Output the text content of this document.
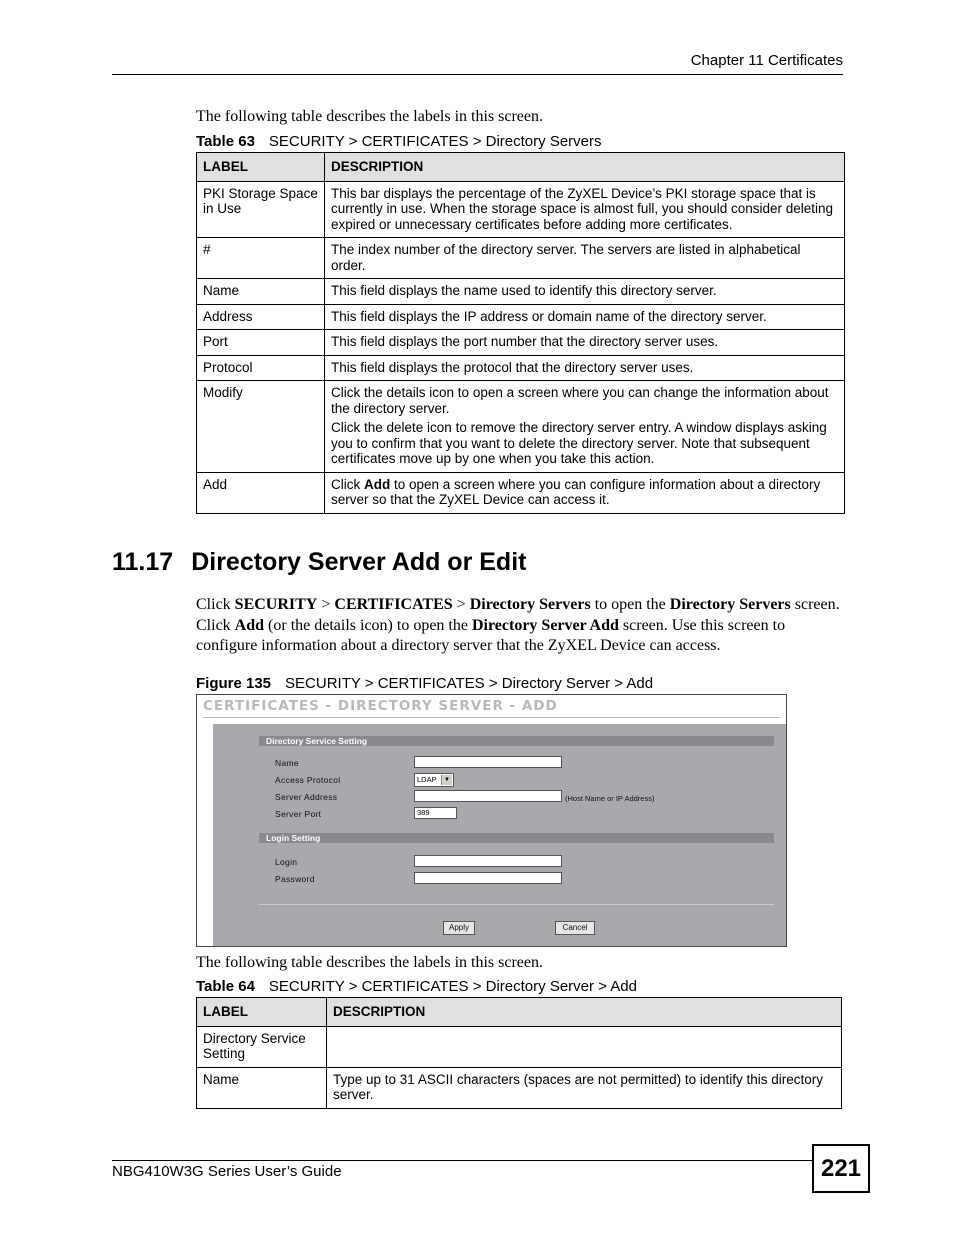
Chapter 11 Certificates
The following table describes the labels in this screen.
Table 63 SECURITY > CERTIFICATES > Directory Servers
LABEL	DESCRIPTION
PKI Storage Space in Use	This bar displays the percentage of the ZyXEL Device’s PKI storage space that is currently in use. When the storage space is almost full, you should consider deleting expired or unnecessary certificates before adding more certificates.

#	The index number of the directory server. The servers are listed in alphabetical order.

Name	This field displays the name used to identify this directory server.

Address	This field displays the IP address or domain name of the directory server.

Port	This field displays the port number that the directory server uses.

Protocol	This field displays the protocol that the directory server uses.

Modify	Click the details icon to open a screen where you can change the information about the directory server.

Click the delete icon to remove the directory server entry. A window displays asking you to confirm that you want to delete the directory server. Note that subsequent certificates move up by one when you take this action.

Add	Click Add to open a screen where you can configure information about a directory server so that the ZyXEL Device can access it.
11.17 Directory Server Add or Edit
Click SECURITY > CERTIFICATES > Directory Servers to open the Directory Servers screen. Click Add (or the details icon) to open the Directory Server Add screen. Use this screen to configure information about a directory server that the ZyXEL Device can access.
Figure 135 SECURITY > CERTIFICATES > Directory Server > Add
CERTIFICATES - DIRECTORY SERVER - ADD
Directory Service Setting
Name
Access Protocol	LDAP	▼
Server Address	(Host Name or IP Address)
Server Port	389
Login Setting
Login
Password
Apply	Cancel
The following table describes the labels in this screen.
Table 64 SECURITY > CERTIFICATES > Directory Server > Add
LABEL	DESCRIPTION
Directory Service Setting	
Name	Type up to 31 ASCII characters (spaces are not permitted) to identify this directory server.
NBG410W3G Series User’s Guide	221
